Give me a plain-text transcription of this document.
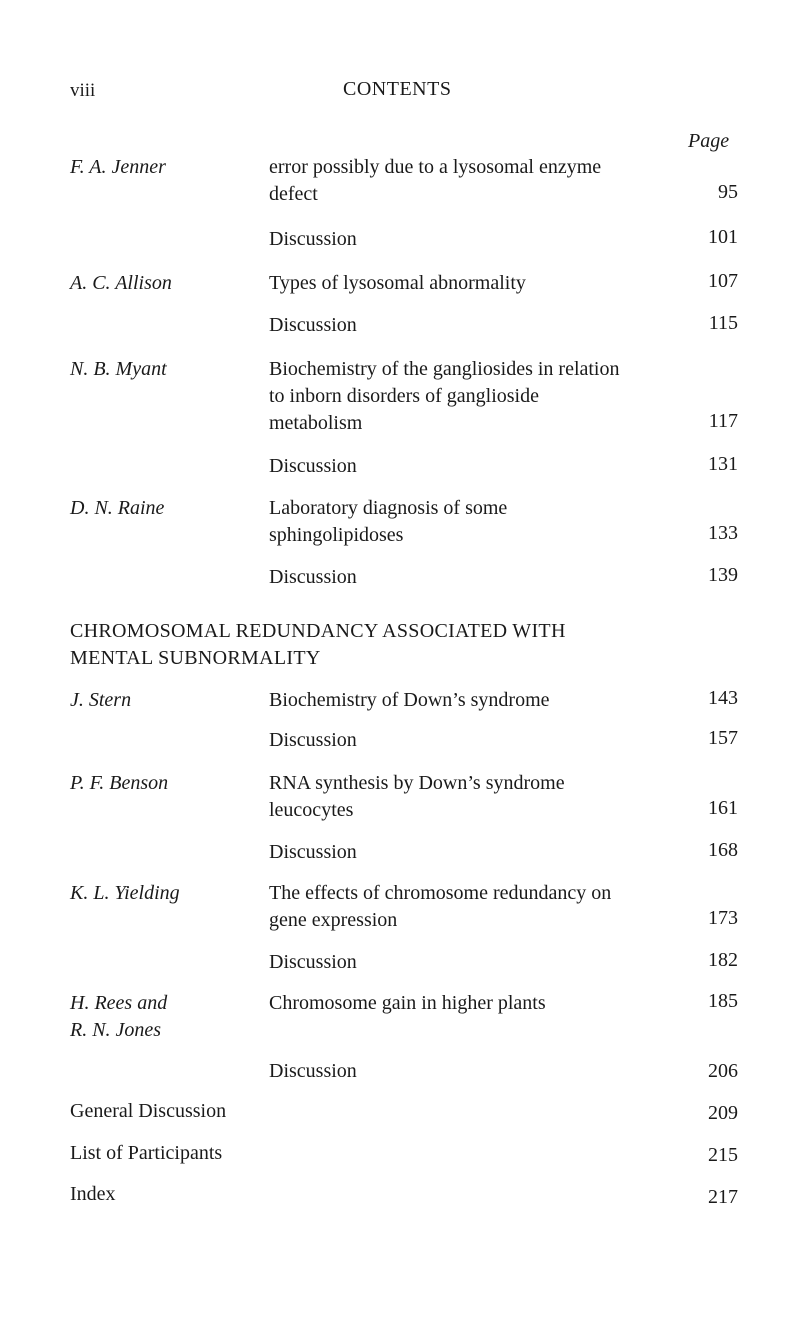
viii	CONTENTS
Page
F. A. Jenner	error possibly due to a lysosomal enzyme
defect	95
Discussion	101
A. C. Allison	Types of lysosomal abnormality	107
Discussion	115
N. B. Myant	Biochemistry of the gangliosides in relation
to inborn disorders of ganglioside
metabolism	117
Discussion	131
D. N. Raine	Laboratory diagnosis of some
sphingolipidoses	133
Discussion	139
CHROMOSOMAL REDUNDANCY ASSOCIATED WITH
MENTAL SUBNORMALITY
J. Stern	Biochemistry of Down’s syndrome	143
Discussion	157
P. F. Benson	RNA synthesis by Down’s syndrome
leucocytes	161
Discussion	168
K. L. Yielding	The effects of chromosome redundancy on
gene expression	173
Discussion	182
H. Rees and
R. N. Jones
Chromosome gain in higher plants	185
Discussion	206
General Discussion	209
List of Participants	215
Index	217
